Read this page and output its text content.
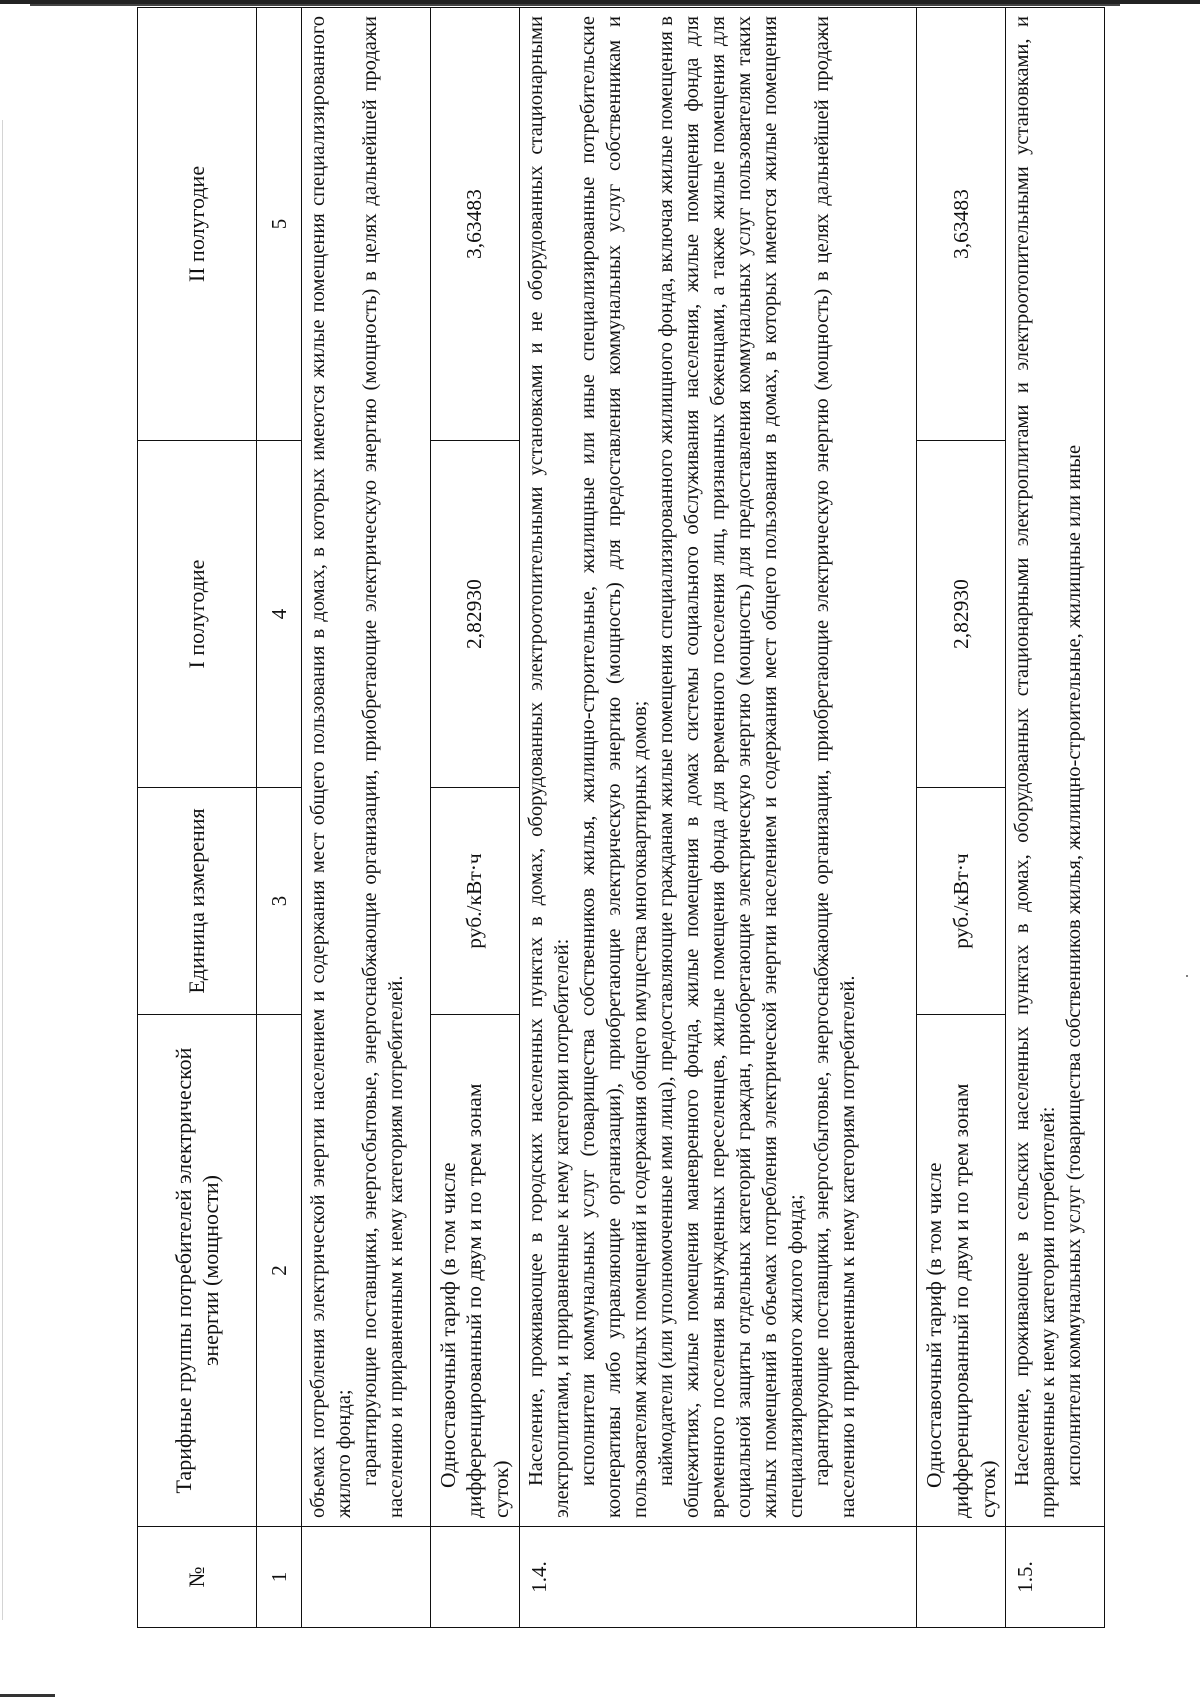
№	Тарифные группы потребителей электрической энергии (мощности)	Единица измерения	I полугодие	II полугодие
1	2	3	4	5

	объемах потребления электрической энергии населением и содержания мест общего пользования в домах, в которых имеются жилые помещения специализированного жилого фонда; гарантирующие поставщики, энергосбытовые, энергоснабжающие организации, приобретающие электрическую энергию (мощность) в целях дальнейшей продажи населению и приравненным к нему категориям потребителей.			

	Одноставочный тариф (в том числе дифференцированный по двум и по трем зонам суток)	руб./кВт·ч	2,82930	3,63483
1.4.	Население, проживающее в городских населенных пунктах в домах, оборудованных электроотопительными установками и не оборудованных стационарными электроплитами, и приравненные к нему категории потребителей: исполнители коммунальных услуг (товарищества собственников жилья, жилищно-строительные, жилищные или иные специализированные потребительские кооперативы либо управляющие организации), приобретающие электрическую энергию (мощность) для предоставления коммунальных услуг собственникам и пользователям жилых помещений и содержания общего имущества многоквартирных домов; наймодатели (или уполномоченные ими лица), предоставляющие гражданам жилые помещения специализированного жилищного фонда, включая жилые помещения в общежитиях, жилые помещения маневренного фонда, жилые помещения в домах системы социального обслуживания населения, жилые помещения фонда для временного поселения вынужденных переселенцев, жилые помещения фонда для временного поселения лиц, признанных беженцами, а также жилые помещения для социальной защиты отдельных категорий граждан, приобретающие электрическую энергию (мощность) для предоставления коммунальных услуг пользователям таких жилых помещений в объемах потребления электрической энергии населением и содержания мест общего пользования в домах, в которых имеются жилые помещения специализированного жилого фонда; гарантирующие поставщики, энергосбытовые, энергоснабжающие организации, приобретающие электрическую энергию (мощность) в целях дальнейшей продажи населению и приравненным к нему категориям потребителей.			

	Одноставочный тариф (в том числе дифференцированный по двум и по трем зонам суток)	руб./кВт·ч	2,82930	3,63483
1.5.	Население, проживающее в сельских населенных пунктах в домах, оборудованных стационарными электроплитами и электроотопительными установками, и приравненные к нему категории потребителей: исполнители коммунальных услуг (товарищества собственников жилья, жилищно-строительные, жилищные или иные			
